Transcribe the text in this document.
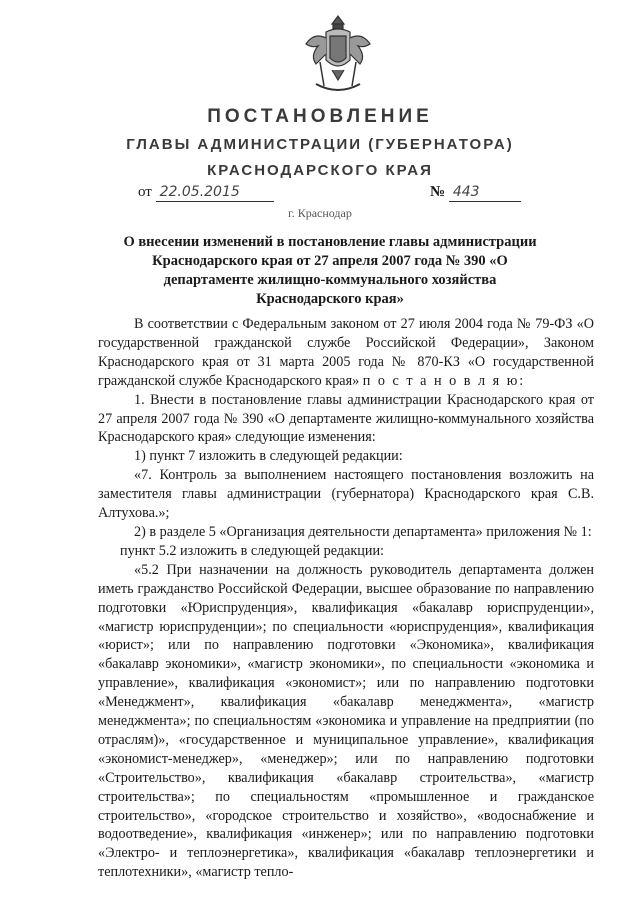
ПОСТАНОВЛЕНИЕ
ГЛАВЫ АДМИНИСТРАЦИИ (ГУБЕРНАТОРА)
КРАСНОДАРСКОГО КРАЯ
от 22.05.2015	№ 443
г. Краснодар
О внесении изменений в постановление главы администрации Краснодарского края от 27 апреля 2007 года № 390 «О департаменте жилищно-коммунального хозяйства Краснодарского края»

В соответствии с Федеральным законом от 27 июля 2004 года № 79-ФЗ «О государственной гражданской службе Российской Федерации», Законом Краснодарского края от 31 марта 2005 года № 870-КЗ «О государственной гражданской службе Краснодарского края» п о с т а н о в л я ю:

1. Внести в постановление главы администрации Краснодарского края от 27 апреля 2007 года № 390 «О департаменте жилищно-коммунального хозяйства Краснодарского края» следующие изменения:

1) пункт 7 изложить в следующей редакции:

«7. Контроль за выполнением настоящего постановления возложить на заместителя главы администрации (губернатора) Краснодарского края С.В. Алтухова.»;

2) в разделе 5 «Организация деятельности департамента» приложения № 1:

пункт 5.2 изложить в следующей редакции:

«5.2 При назначении на должность руководитель департамента должен иметь гражданство Российской Федерации, высшее образование по направлению подготовки «Юриспруденция», квалификация «бакалавр юриспруденции», «магистр юриспруденции»; по специальности «юриспруденция», квалификация «юрист»; или по направлению подготовки «Экономика», квалификация «бакалавр экономики», «магистр экономики», по специальности «экономика и управление», квалификация «экономист»; или по направлению подготовки «Менеджмент», квалификация «бакалавр менеджмента», «магистр менеджмента»; по специальностям «экономика и управление на предприятии (по отраслям)», «государственное и муниципальное управление», квалификация «экономист-менеджер», «менеджер»; или по направлению подготовки «Строительство», квалификация «бакалавр строительства», «магистр строительства»; по специальностям «промышленное и гражданское строительство», «городское строительство и хозяйство», «водоснабжение и водоотведение», квалификация «инженер»; или по направлению подготовки «Электро- и теплоэнергетика», квалификация «бакалавр теплоэнергетики и теплотехники», «магистр тепло-
